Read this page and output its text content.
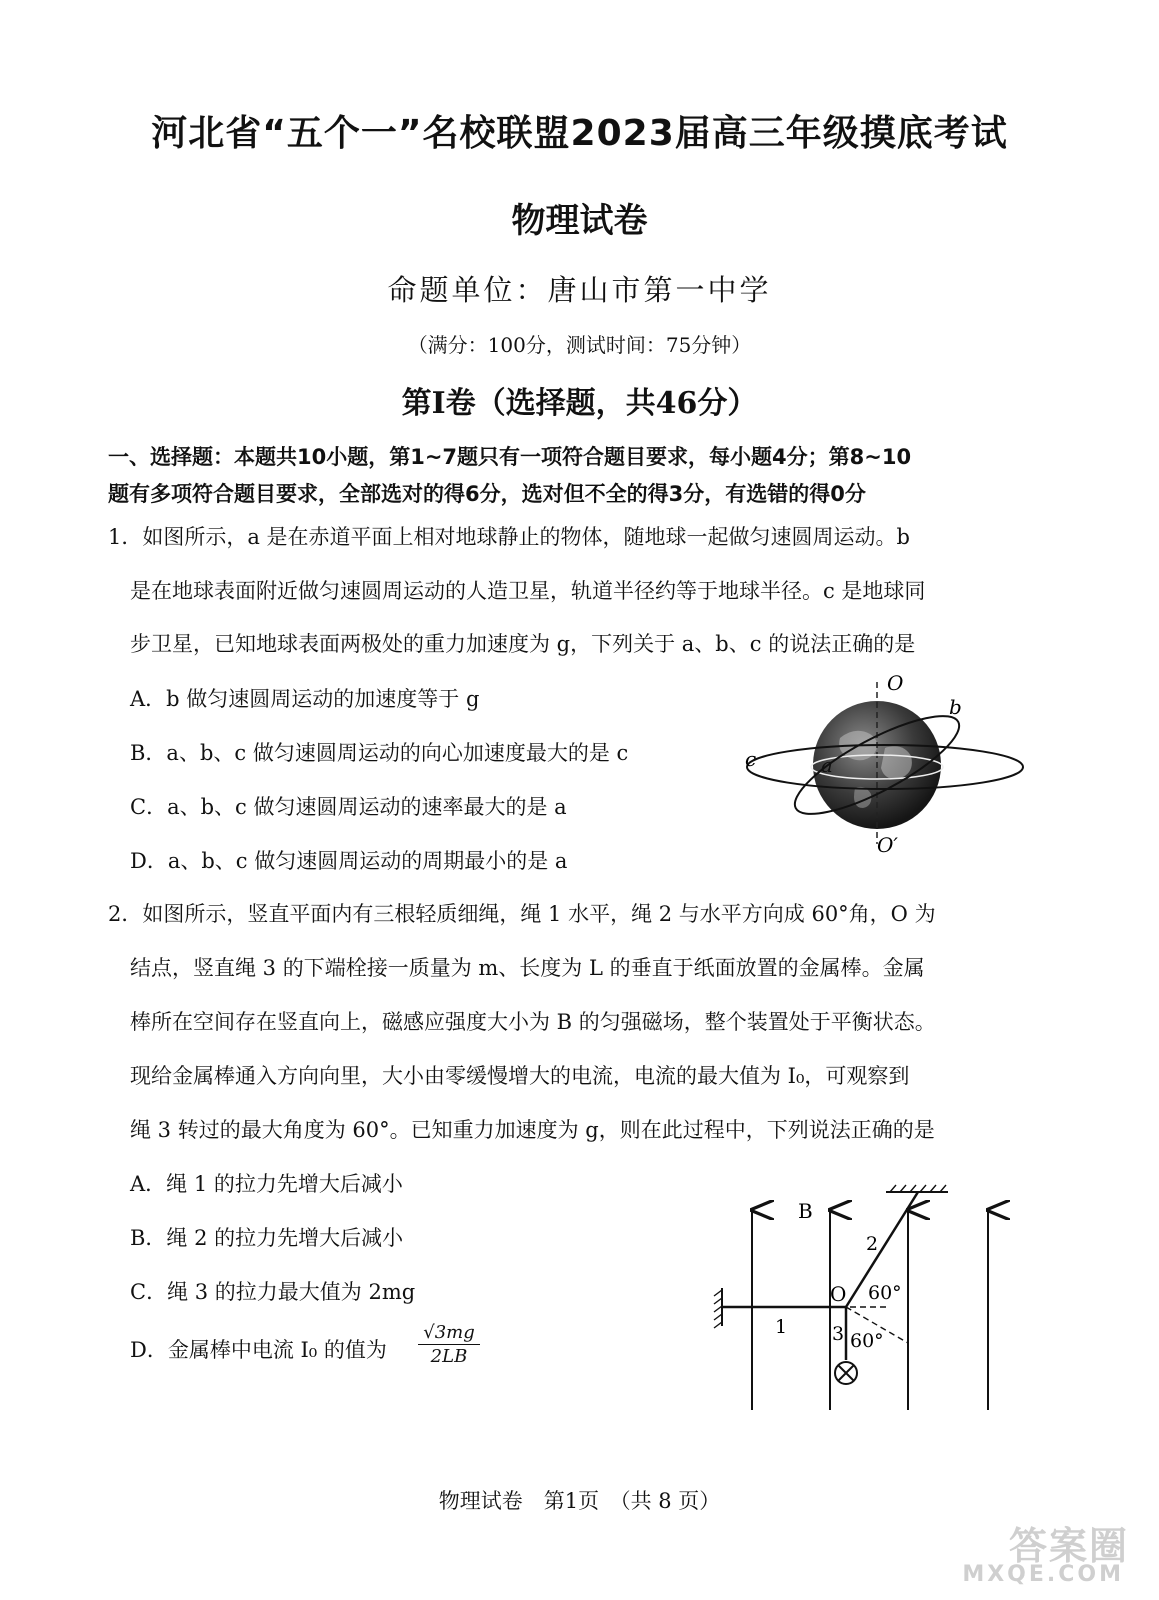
河北省“五个一”名校联盟2023届高三年级摸底考试
物理试卷
命题单位：唐山市第一中学
（满分：100分，测试时间：75分钟）
第Ⅰ卷（选择题，共46分）
一、选择题：本题共10小题，第1~7题只有一项符合题目要求，每小题4分；第8~10
题有多项符合题目要求，全部选对的得6分，选对但不全的得3分，有选错的得0分
1．如图所示，a 是在赤道平面上相对地球静止的物体，随地球一起做匀速圆周运动。b
是在地球表面附近做匀速圆周运动的人造卫星，轨道半径约等于地球半径。c 是地球同
步卫星，已知地球表面两极处的重力加速度为 g，下列关于 a、b、c 的说法正确的是
A．b 做匀速圆周运动的加速度等于 g
B．a、b、c 做匀速圆周运动的向心加速度最大的是 c
C．a、b、c 做匀速圆周运动的速率最大的是 a
D．a、b、c 做匀速圆周运动的周期最小的是 a
O
O′
b
c	a
2．如图所示，竖直平面内有三根轻质细绳，绳 1 水平，绳 2 与水平方向成 60°角，O 为
结点，竖直绳 3 的下端栓接一质量为 m、长度为 L 的垂直于纸面放置的金属棒。金属
棒所在空间存在竖直向上，磁感应强度大小为 B 的匀强磁场，整个装置处于平衡状态。
现给金属棒通入方向向里，大小由零缓慢增大的电流，电流的最大值为 I₀，可观察到
绳 3 转过的最大角度为 60°。已知重力加速度为 g，则在此过程中，下列说法正确的是
A．绳 1 的拉力先增大后减小
B．绳 2 的拉力先增大后减小
C．绳 3 的拉力最大值为 2mg
D．金属棒中电流 I₀ 的值为 $\frac{√3mg}{2LB}$
B
1
2
O 60°
3 60°
物理试卷　第1页　（共 8 页）
答案圈
MXQE.COM
